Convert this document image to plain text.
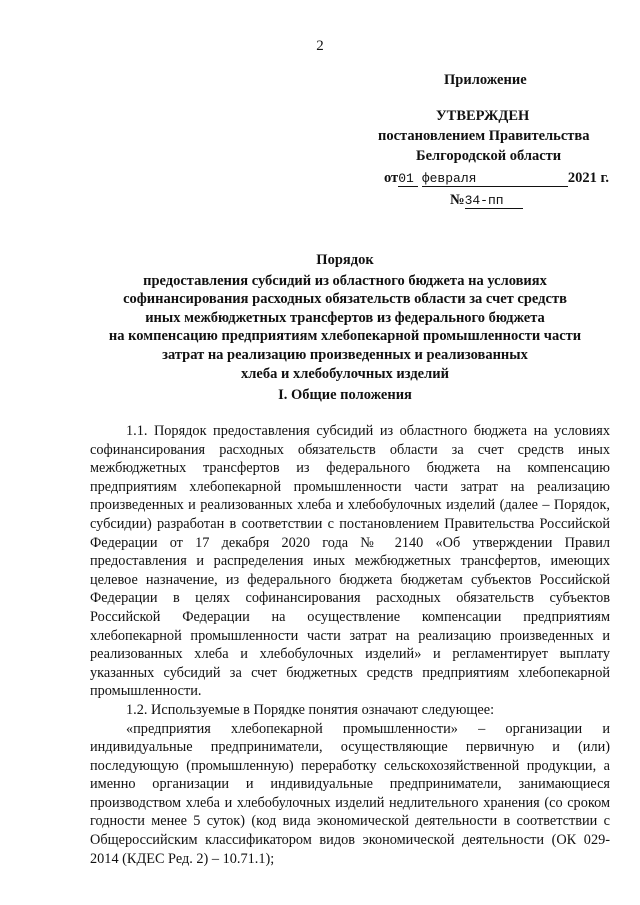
2
Приложение
УТВЕРЖДЕН
постановлением Правительства
Белгородской области
от01 февраля	2021 г.
№34-пп
Порядок
предоставления субсидий из областного бюджета на условиях
софинансирования расходных обязательств области за счет средств
иных межбюджетных трансфертов из федерального бюджета
на компенсацию предприятиям хлебопекарной промышленности части
затрат на реализацию произведенных и реализованных
хлеба и хлебобулочных изделий
I. Общие положения

1.1. Порядок предоставления субсидий из областного бюджета на условиях софинансирования расходных обязательств области за счет средств иных межбюджетных трансфертов из федерального бюджета на компенсацию предприятиям хлебопекарной промышленности части затрат на реализацию произведенных и реализованных хлеба и хлебобулочных изделий (далее – Порядок, субсидии) разработан в соответствии с постановлением Правительства Российской Федерации от 17 декабря 2020 года № 2140 «Об утверждении Правил предоставления и распределения иных межбюджетных трансфертов, имеющих целевое назначение, из федерального бюджета бюджетам субъектов Российской Федерации в целях софинансирования расходных обязательств субъектов Российской Федерации на осуществление компенсации предприятиям хлебопекарной промышленности части затрат на реализацию произведенных и реализованных хлеба и хлебобулочных изделий» и регламентирует выплату указанных субсидий за счет бюджетных средств предприятиям хлебопекарной промышленности.

1.2. Используемые в Порядке понятия означают следующее:

«предприятия хлебопекарной промышленности» – организации и индивидуальные предприниматели, осуществляющие первичную и (или) последующую (промышленную) переработку сельскохозяйственной продукции, а именно организации и индивидуальные предприниматели, занимающиеся производством хлеба и хлебобулочных изделий недлительного хранения (со сроком годности менее 5 суток) (код вида экономической деятельности в соответствии с Общероссийским классификатором видов экономической деятельности (ОК 029-2014 (КДЕС Ред. 2) – 10.71.1);
